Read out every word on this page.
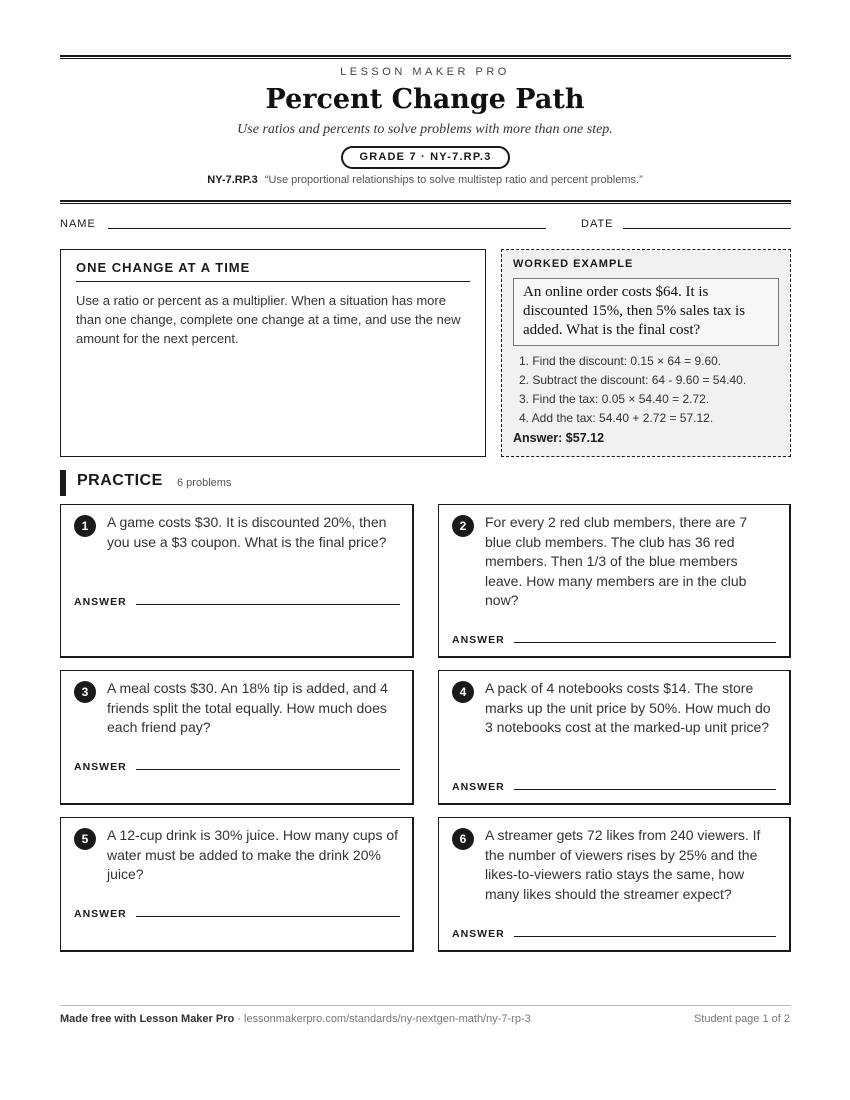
LESSON MAKER PRO
Percent Change Path
Use ratios and percents to solve problems with more than one step.
GRADE 7 · NY-7.RP.3
NY-7.RP.3 “Use proportional relationships to solve multistep ratio and percent problems.”
NAME	DATE
ONE CHANGE AT A TIME

Use a ratio or percent as a multiplier. When a situation has more than one change, complete one change at a time, and use the new amount for the next percent.

WORKED EXAMPLE
An online order costs $64. It is discounted 15%, then 5% sales tax is added. What is the final cost?
1. Find the discount: 0.15 × 64 = 9.60.
2. Subtract the discount: 64 - 9.60 = 54.40.
3. Find the tax: 0.05 × 54.40 = 2.72.
4. Add the tax: 54.40 + 2.72 = 57.12.
Answer: $57.12
PRACTICE 6 problems
1	A game costs $30. It is discounted 20%, then you use a $3 coupon. What is the final price?
ANSWER
2	For every 2 red club members, there are 7 blue club members. The club has 36 red members. Then 1/3 of the blue members leave. How many members are in the club now?
ANSWER
3	A meal costs $30. An 18% tip is added, and 4 friends split the total equally. How much does each friend pay?
ANSWER
4	A pack of 4 notebooks costs $14. The store marks up the unit price by 50%. How much do 3 notebooks cost at the marked-up unit price?
ANSWER
5	A 12-cup drink is 30% juice. How many cups of water must be added to make the drink 20% juice?
ANSWER
6	A streamer gets 72 likes from 240 viewers. If the number of viewers rises by 25% and the likes-to-viewers ratio stays the same, how many likes should the streamer expect?
ANSWER
Made free with Lesson Maker Pro · lessonmakerpro.com/standards/ny-nextgen-math/ny-7-rp-3	Student page 1 of 2
